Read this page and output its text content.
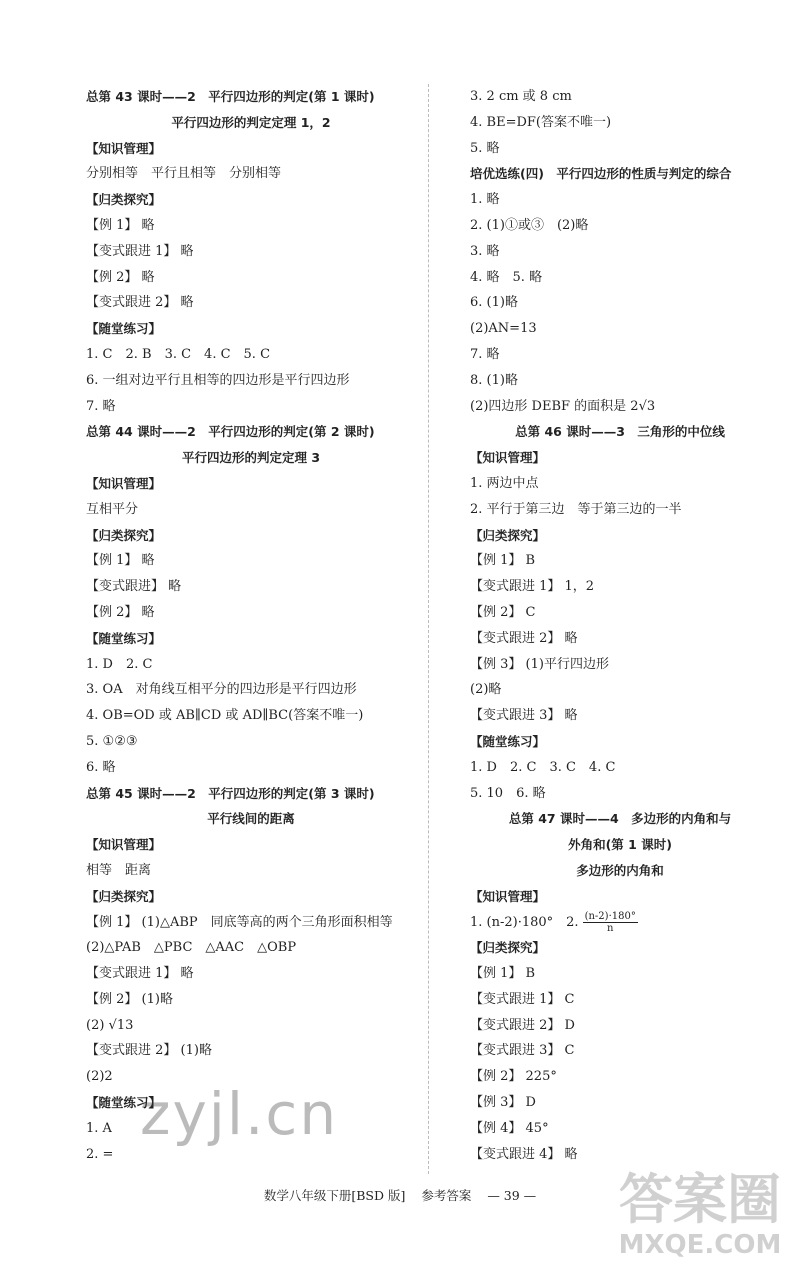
总第 43 课时——2　平行四边形的判定(第 1 课时)
平行四边形的判定定理 1，2
【知识管理】
分别相等　平行且相等　分别相等
【归类探究】
【例 1】 略
【变式跟进 1】 略
【例 2】 略
【变式跟进 2】 略
【随堂练习】
1. C　2. B　3. C　4. C　5. C
6. 一组对边平行且相等的四边形是平行四边形
7. 略
总第 44 课时——2　平行四边形的判定(第 2 课时)
平行四边形的判定定理 3
【知识管理】
互相平分
【归类探究】
【例 1】 略
【变式跟进】 略
【例 2】 略
【随堂练习】
1. D　2. C
3. OA　对角线互相平分的四边形是平行四边形
4. OB=OD 或 AB∥CD 或 AD∥BC(答案不唯一)
5. ①②③
6. 略
总第 45 课时——2　平行四边形的判定(第 3 课时)
平行线间的距离
【知识管理】
相等　距离
【归类探究】
【例 1】 (1)△ABP　同底等高的两个三角形面积相等
(2)△PAB　△PBC　△AAC　△OBP
【变式跟进 1】 略
【例 2】 (1)略
(2) √13
【变式跟进 2】 (1)略
(2)2
【随堂练习】
1. A
2. =
3. 2 cm 或 8 cm
4. BE=DF(答案不唯一)
5. 略
培优选练(四)　平行四边形的性质与判定的综合
1. 略
2. (1)①或③　(2)略
3. 略
4. 略　5. 略
6. (1)略
(2)AN=13
7. 略
8. (1)略
(2)四边形 DEBF 的面积是 2√3
总第 46 课时——3　三角形的中位线
【知识管理】
1. 两边中点
2. 平行于第三边　等于第三边的一半
【归类探究】
【例 1】 B
【变式跟进 1】 1，2
【例 2】 C
【变式跟进 2】 略
【例 3】 (1)平行四边形
(2)略
【变式跟进 3】 略
【随堂练习】
1. D　2. C　3. C　4. C
5. 10　6. 略
总第 47 课时——4　多边形的内角和与
外角和(第 1 课时)
多边形的内角和
【知识管理】
1. (n-2)·180°　2. $\frac{(n-2)\cdot 180^\circ}{n}$
【归类探究】
【例 1】 B
【变式跟进 1】 C
【变式跟进 2】 D
【变式跟进 3】 C
【例 2】 225°
【例 3】 D
【例 4】 45°
【变式跟进 4】 略
数学八年级下册[BSD 版] 参考答案 — 39 —
zyjl.cn
答案圈
MXQE.COM
